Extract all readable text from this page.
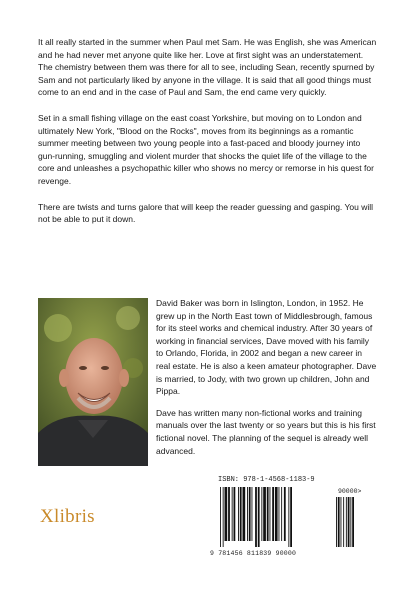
It all really started in the summer when Paul met Sam. He was English, she was American and he had never met anyone quite like her. Love at first sight was an understatement. The chemistry between them was there for all to see, including Sean, recently spurned by Sam and not particularly liked by anyone in the village. It is said that all good things must come to an end and in the case of Paul and Sam, the end came very quickly.

Set in a small fishing village on the east coast Yorkshire, but moving on to London and ultimately New York, "Blood on the Rocks", moves from its beginnings as a romantic summer meeting between two young people into a fast-paced and bloody journey into gun-running, smuggling and violent murder that shocks the quiet life of the village to the core and unleashes a psychopathic killer who shows no mercy or remorse in his quest for revenge.

There are twists and turns galore that will keep the reader guessing and gasping. You will not be able to put it down.

David Baker was born in Islington, London, in 1952. He grew up in the North East town of Middlesbrough, famous for its steel works and chemical industry. After 30 years of working in financial services, Dave moved with his family to Orlando, Florida, in 2002 and began a new career in real estate. He is also a keen amateur photographer. Dave is married, to Jody, with two grown up children, John and Pippa.

Dave has written many non-fictional works and training manuals over the last twenty or so years but this is his first fictional novel. The planning of the sequel is already well advanced.

Xlibris
ISBN: 978-1-4568-1183-9
90000>
9 781456 811839 90000
